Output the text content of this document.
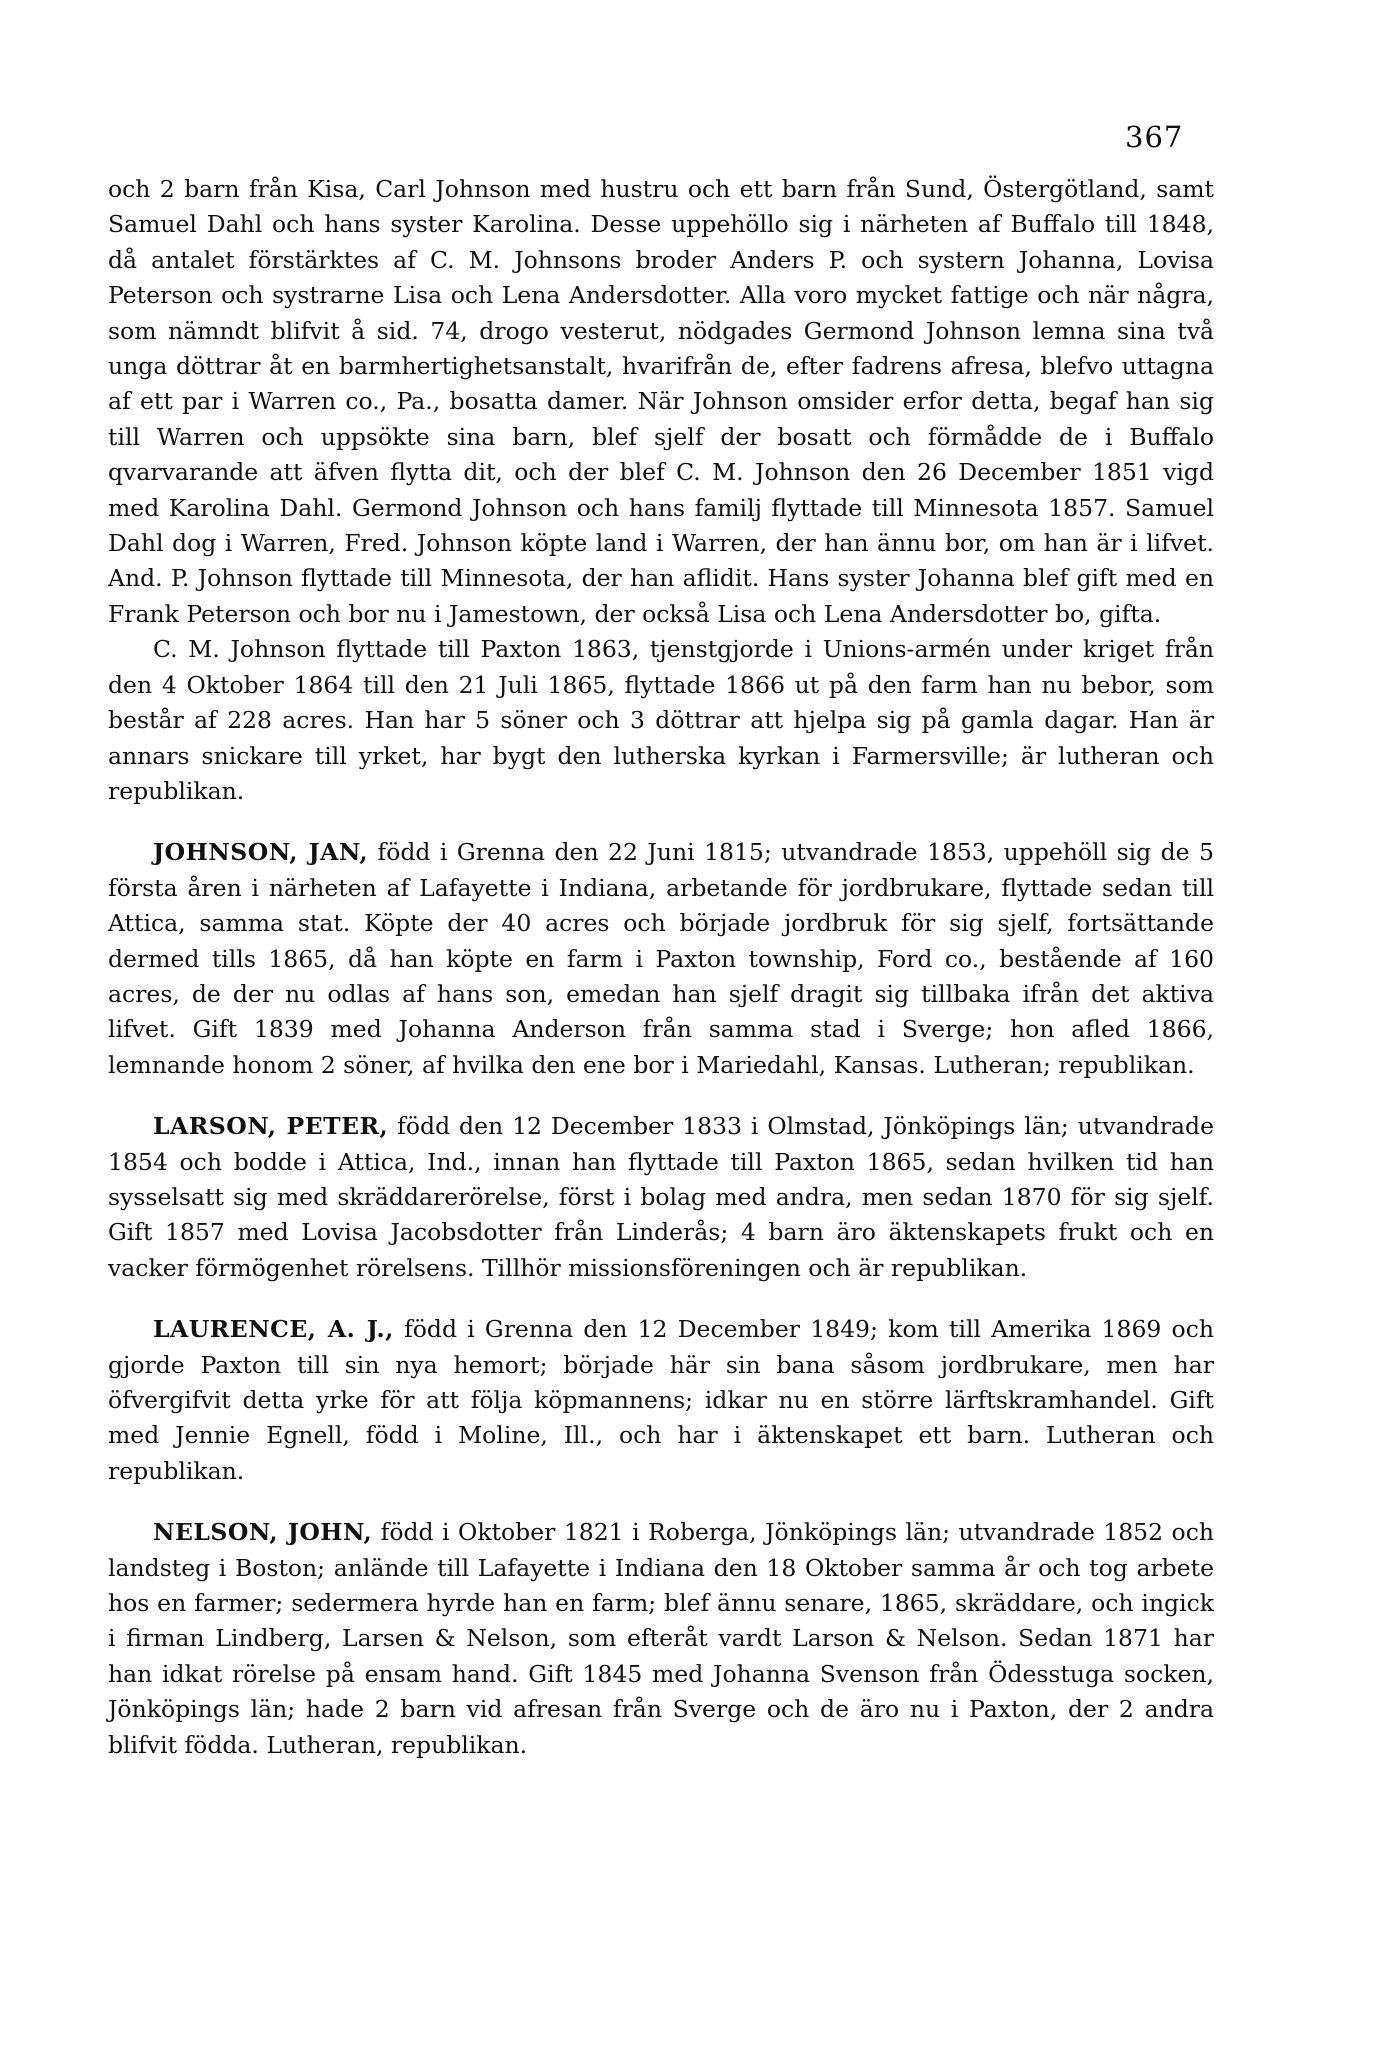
367

och 2 barn från Kisa, Carl Johnson med hustru och ett barn från Sund, Östergötland, samt Samuel Dahl och hans syster Karolina. Desse uppehöllo sig i närheten af Buffalo till 1848, då antalet förstärktes af C. M. Johnsons broder Anders P. och systern Johanna, Lovisa Peterson och systrarne Lisa och Lena Andersdotter. Alla voro mycket fattige och när några, som nämndt blifvit å sid. 74, drogo vesterut, nödgades Germond Johnson lemna sina två unga döttrar åt en barmhertighetsanstalt, hvarifrån de, efter fadrens afresa, blefvo uttagna af ett par i Warren co., Pa., bosatta damer. När Johnson omsider erfor detta, begaf han sig till Warren och uppsökte sina barn, blef sjelf der bosatt och förmådde de i Buffalo qvarvarande att äfven flytta dit, och der blef C. M. Johnson den 26 December 1851 vigd med Karolina Dahl. Germond Johnson och hans familj flyttade till Minnesota 1857. Samuel Dahl dog i Warren, Fred. Johnson köpte land i Warren, der han ännu bor, om han är i lifvet. And. P. Johnson flyttade till Minnesota, der han aflidit. Hans syster Johanna blef gift med en Frank Peterson och bor nu i Jamestown, der också Lisa och Lena Andersdotter bo, gifta.

C. M. Johnson flyttade till Paxton 1863, tjenstgjorde i Unions-armén under kriget från den 4 Oktober 1864 till den 21 Juli 1865, flyttade 1866 ut på den farm han nu bebor, som består af 228 acres. Han har 5 söner och 3 döttrar att hjelpa sig på gamla dagar. Han är annars snickare till yrket, har bygt den lutherska kyrkan i Farmersville; är lutheran och republikan.

JOHNSON, JAN, född i Grenna den 22 Juni 1815; utvandrade 1853, uppehöll sig de 5 första åren i närheten af Lafayette i Indiana, arbetande för jordbrukare, flyttade sedan till Attica, samma stat. Köpte der 40 acres och började jordbruk för sig sjelf, fortsättande dermed tills 1865, då han köpte en farm i Paxton township, Ford co., bestående af 160 acres, de der nu odlas af hans son, emedan han sjelf dragit sig tillbaka ifrån det aktiva lifvet. Gift 1839 med Johanna Anderson från samma stad i Sverge; hon afled 1866, lemnande honom 2 söner, af hvilka den ene bor i Mariedahl, Kansas. Lutheran; republikan.

LARSON, PETER, född den 12 December 1833 i Olmstad, Jönköpings län; utvandrade 1854 och bodde i Attica, Ind., innan han flyttade till Paxton 1865, sedan hvilken tid han sysselsatt sig med skräddarerörelse, först i bolag med andra, men sedan 1870 för sig sjelf. Gift 1857 med Lovisa Jacobsdotter från Linderås; 4 barn äro äktenskapets frukt och en vacker förmögenhet rörelsens. Tillhör missionsföreningen och är republikan.

LAURENCE, A. J., född i Grenna den 12 December 1849; kom till Amerika 1869 och gjorde Paxton till sin nya hemort; började här sin bana såsom jordbrukare, men har öfvergifvit detta yrke för att följa köpmannens; idkar nu en större lärftskramhandel. Gift med Jennie Egnell, född i Moline, Ill., och har i äktenskapet ett barn. Lutheran och republikan.

NELSON, JOHN, född i Oktober 1821 i Roberga, Jönköpings län; utvandrade 1852 och landsteg i Boston; anlände till Lafayette i Indiana den 18 Oktober samma år och tog arbete hos en farmer; sedermera hyrde han en farm; blef ännu senare, 1865, skräddare, och ingick i firman Lindberg, Larsen & Nelson, som efteråt vardt Larson & Nelson. Sedan 1871 har han idkat rörelse på ensam hand. Gift 1845 med Johanna Svenson från Ödesstuga socken, Jönköpings län; hade 2 barn vid afresan från Sverge och de äro nu i Paxton, der 2 andra blifvit födda. Lutheran, republikan.
